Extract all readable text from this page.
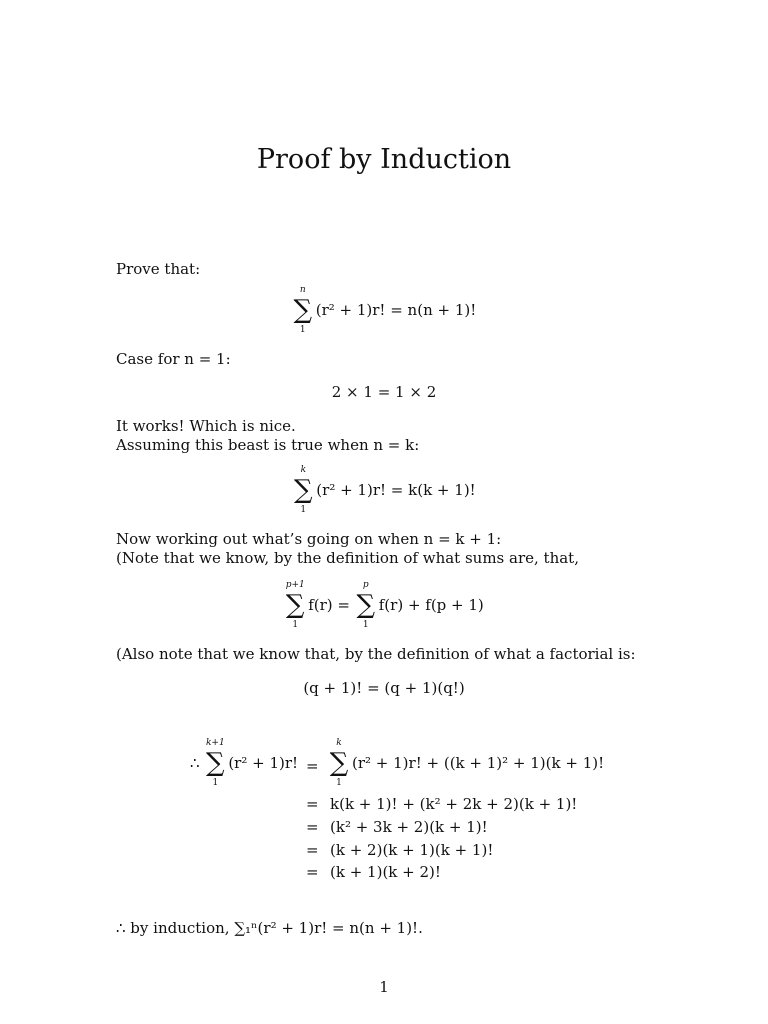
Proof by Induction
Prove that:
n
∑
1
(r² + 1)r! = n(n + 1)!
Case for n = 1:
2 × 1 = 1 × 2
It works! Which is nice.
Assuming this beast is true when n = k:
k
∑
1
(r² + 1)r! = k(k + 1)!
Now working out what’s going on when n = k + 1:
(Note that we know, by the definition of what sums are, that,
p+1
∑
1
f(r) =
p
∑
1
f(r) + f(p + 1)
(Also note that we know that, by the definition of what a factorial is:
(q + 1)! = (q + 1)(q!)
∴
k+1
∑
1
(r² + 1)r! =
k
∑
1
(r² + 1)r! + ((k + 1)² + 1)(k + 1)!
= k(k + 1)! + (k² + 2k + 2)(k + 1)!
= (k² + 3k + 2)(k + 1)!
= (k + 2)(k + 1)(k + 1)!
= (k + 1)(k + 2)!
∴ by induction, ∑₁ⁿ(r² + 1)r! = n(n + 1)!.
1
